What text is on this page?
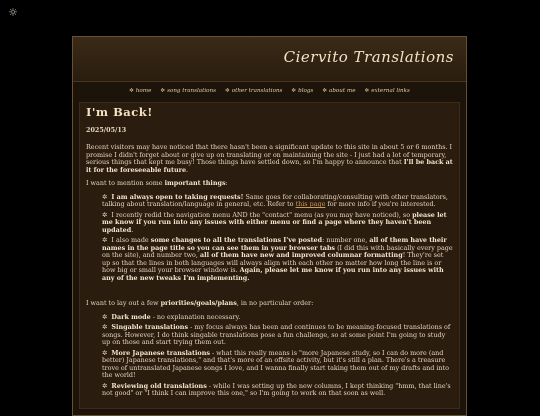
☼
Ciervito Translations
✲ home ✲ song translations ✲ other translations ✲ blogs ✲ about me ✲ external links
I'm Back!
2025/05/13

Recent visitors may have noticed that there hasn't been a significant update to this site in about 5 or 6 months. I promise I didn't forget about or give up on translating or on maintaining the site - I just had a lot of temporary, serious things that kept me busy! Those things have settled down, so I'm happy to announce that I'll be back at it for the foreseeable future.

I want to mention some important things:

✲ I am always open to taking requests! Same goes for collaborating/consulting with other translators, talking about translation/language in general, etc. Refer to this page for more info if you're interested.
✲ I recently redid the navigation menu AND the "contact" menu (as you may have noticed), so please let me know if you run into any issues with either menu or find a page where they haven't been updated.
✲ I also made some changes to all the translations I've posted: number one, all of them have their names in the page title so you can see them in your browser tabs (I did this with basically every page on the site), and number two, all of them have new and improved columnar formatting! They're set up so that the lines in both languages will always align with each other no matter how long the line is or how big or small your browser window is. Again, please let me know if you run into any issues with any of the new tweaks I'm implementing.

I want to lay out a few priorities/goals/plans, in no particular order:

✲ Dark mode - no explanation necessary.
✲ Singable translations - my focus always has been and continues to be meaning-focused translations of songs. However, I do think singable translations pose a fun challenge, so at some point I'm going to study up on those and start trying them out.
✲ More Japanese translations - what this really means is "more Japanese study, so I can do more (and better) Japanese translations," and that's more of an offsite activity, but it's still a plan. There's a treasure trove of untranslated Japanese songs I love, and I wanna finally start taking them out of my drafts and into the world!
✲ Reviewing old translations - while I was setting up the new columns, I kept thinking "hmm, that line's not good" or "I think I can improve this one," so I'm going to work on that soon as well.
